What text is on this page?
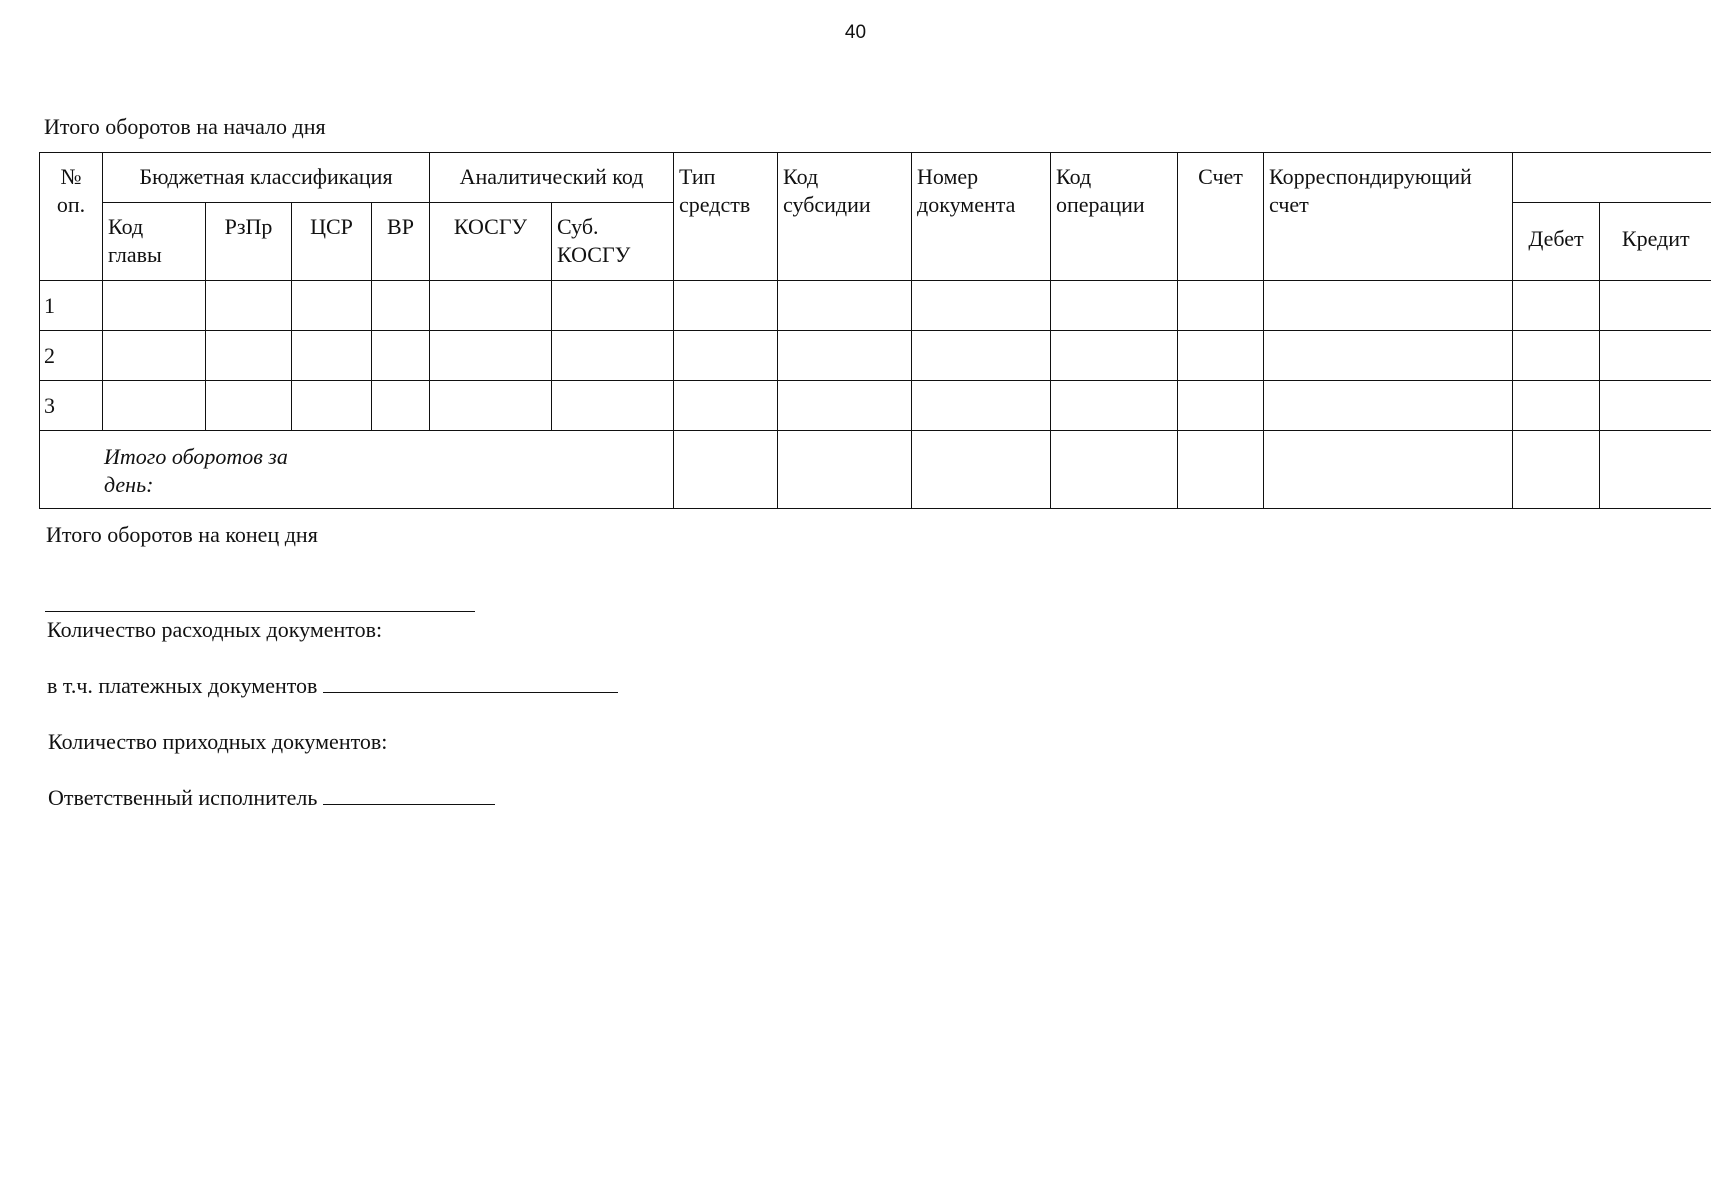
40
Итого оборотов на начало дня
№ оп.	Бюджетная классификация				Аналитический код		Тип средств	Код субсидии	Номер документа	Код операции	Счет	Корреспондирующий счет		
	Код главы	РзПр	ЦСР	ВР	КОСГУ	Суб. КОСГУ							Дебет	Кредит
1														
2														
3														

Итого оборотов за день:														

Итого оборотов на конец дня
Количество расходных документов:
в т.ч. платежных документов
Количество приходных документов:
Ответственный исполнитель
